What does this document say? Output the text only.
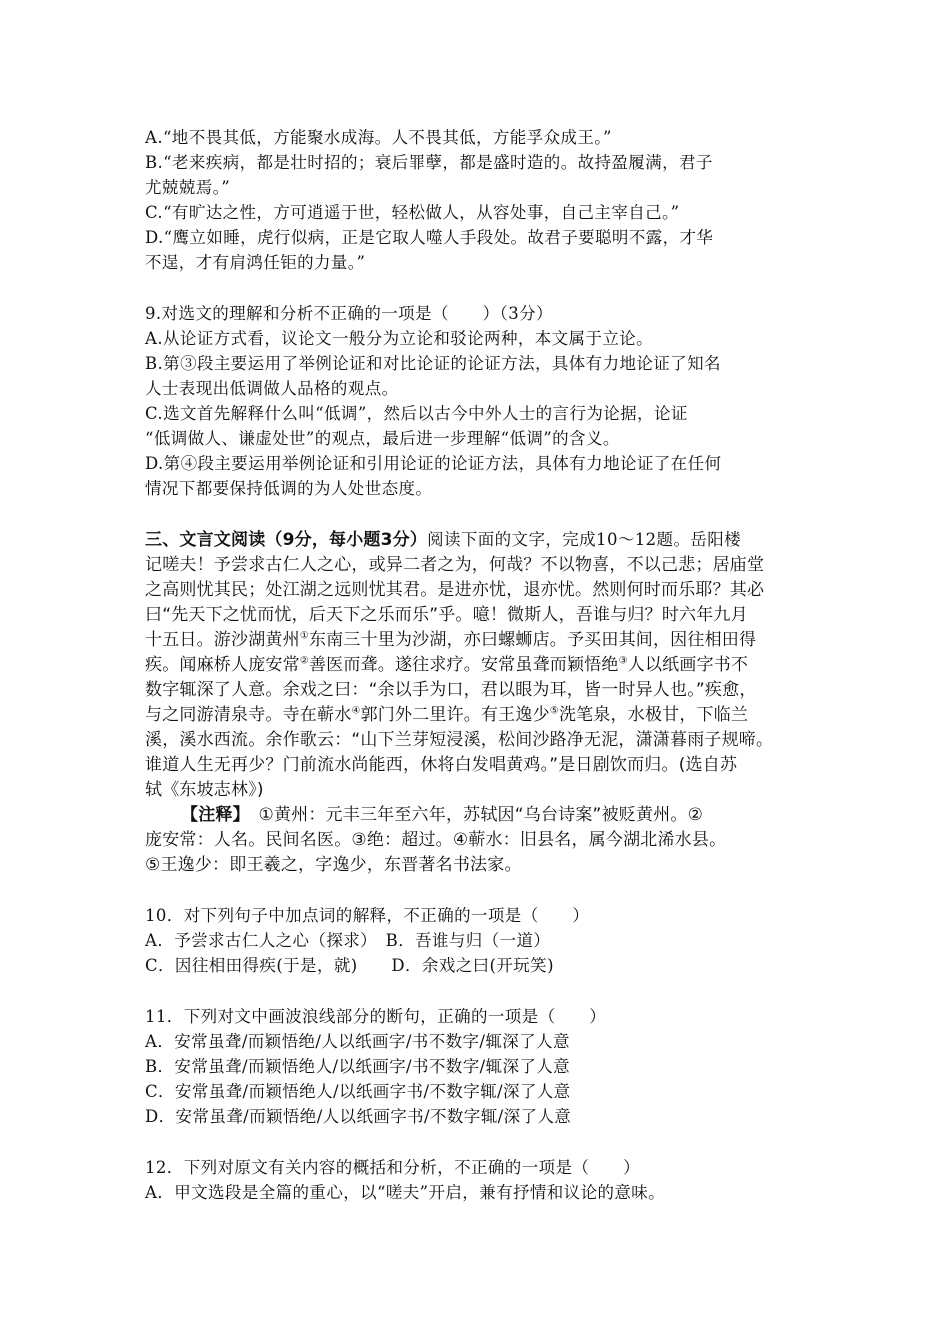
A.“地不畏其低，方能聚水成海。人不畏其低，方能孚众成王。”
B.“老来疾病，都是壮时招的；衰后罪孽，都是盛时造的。故持盈履满，君子
尤兢兢焉。”
C.“有旷达之性，方可逍遥于世，轻松做人，从容处事，自己主宰自己。”
D.“鹰立如睡，虎行似病，正是它取人噬人手段处。故君子要聪明不露，才华
不逞，才有肩鸿任钜的力量。”
9.对选文的理解和分析不正确的一项是（　　）（3分）
A.从论证方式看，议论文一般分为立论和驳论两种，本文属于立论。
B.第③段主要运用了举例论证和对比论证的论证方法，具体有力地论证了知名
人士表现出低调做人品格的观点。
C.选文首先解释什么叫“低调”，然后以古今中外人士的言行为论据，论证
“低调做人、谦虚处世”的观点，最后进一步理解“低调”的含义。
D.第④段主要运用举例论证和引用论证的论证方法，具体有力地论证了在任何
情况下都要保持低调的为人处世态度。
三、文言文阅读（9分，每小题3分）阅读下面的文字，完成10～12题。岳阳楼
记嗟夫！予尝求古仁人之心，或异二者之为，何哉？不以物喜，不以己悲；居庙堂
之高则忧其民；处江湖之远则忧其君。是进亦忧，退亦忧。然则何时而乐耶？其必
曰“先天下之忧而忧，后天下之乐而乐”乎。噫！微斯人，吾谁与归？时六年九月
十五日。游沙湖黄州①东南三十里为沙湖，亦曰螺蛳店。予买田其间，因往相田得
疾。闻麻桥人庞安常②善医而聋。遂往求疗。安常虽聋而颖悟绝③人以纸画字书不
数字辄深了人意。余戏之曰：“余以手为口，君以眼为耳，皆一时异人也。”疾愈，
与之同游清泉寺。寺在蕲水④郭门外二里许。有王逸少⑤洗笔泉，水极甘，下临兰
溪，溪水西流。余作歌云：“山下兰芽短浸溪，松间沙路净无泥，潇潇暮雨子规啼。
谁道人生无再少？门前流水尚能西，休将白发唱黄鸡。”是日剧饮而归。(选自苏
轼《东坡志林》)
【注释】　 ①黄州：元丰三年至六年，苏轼因“乌台诗案”被贬黄州。②
庞安常：人名。民间名医。③绝：超过。④蕲水：旧县名，属今湖北浠水县。
⑤王逸少：即王羲之，字逸少，东晋著名书法家。
10．对下列句子中加点词的解释，不正确的一项是（　　）
A．予尝求古仁人之心（探求）　B．吾谁与归（一道）
C．因往相田得疾(于是，就)　　D．余戏之曰(开玩笑)
11．下列对文中画波浪线部分的断句，正确的一项是（　　）
A．安常虽聋/而颖悟绝/人以纸画字/书不数字/辄深了人意
B．安常虽聋/而颖悟绝人/以纸画字/书不数字/辄深了人意
C．安常虽聋/而颖悟绝人/以纸画字书/不数字辄/深了人意
D．安常虽聋/而颖悟绝/人以纸画字书/不数字辄/深了人意
12．下列对原文有关内容的概括和分析，不正确的一项是（　　）
A．甲文选段是全篇的重心，以“嗟夫”开启，兼有抒情和议论的意味。
